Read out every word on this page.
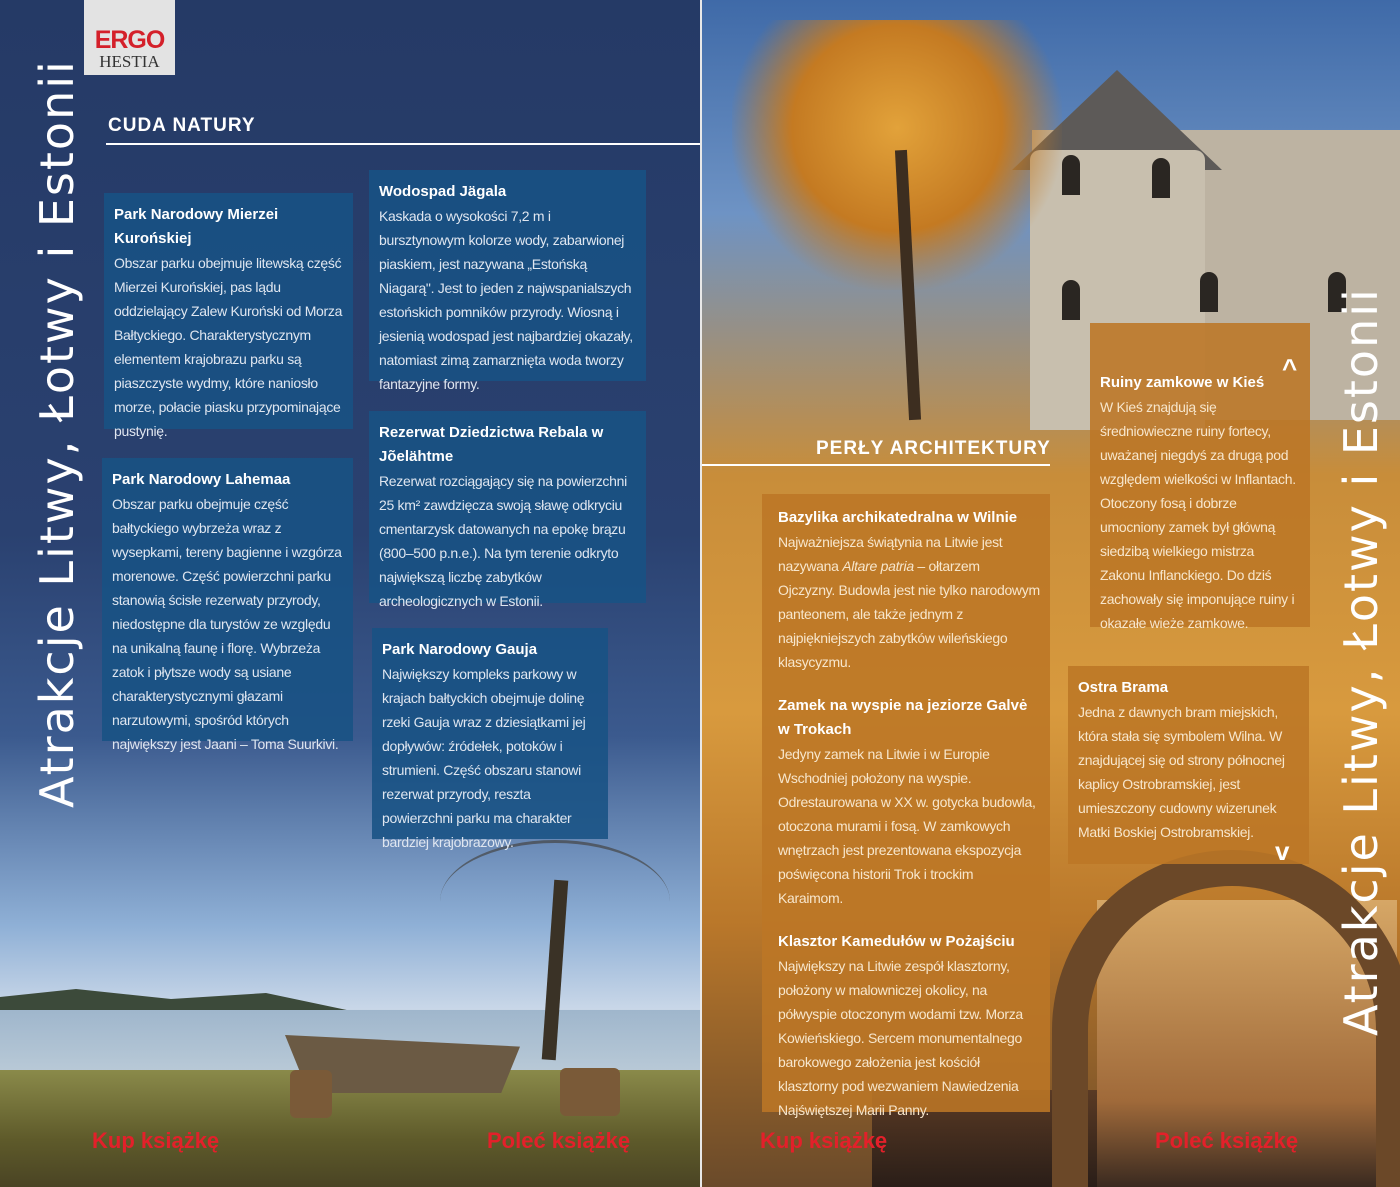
ERGO
HESTIA
CUDA NATURY
Atrakcje Litwy, Łotwy i Estonii Park Narodowy Mierzei Kurońskiej

Obszar parku obejmuje litewską część Mierzei Kurońskiej, pas lądu oddzielający Zalew Kuroński od Morza Bałtyckiego. Charakterystycznym elementem krajobrazu parku są piaszczyste wydmy, które naniosło morze, połacie piasku przypominające pustynię.

Park Narodowy Lahemaa

Obszar parku obejmuje część bałtyckiego wybrzeża wraz z wysepkami, tereny bagienne i wzgórza morenowe. Część powierzchni parku stanowią ścisłe rezerwaty przyrody, niedostępne dla turystów ze względu na unikalną faunę i florę. Wybrzeża zatok i płytsze wody są usiane charakterystycznymi głazami narzutowymi, spośród których największy jest Jaani – Toma Suurkivi.

Wodospad Jägala

Kaskada o wysokości 7,2 m i bursztynowym kolorze wody, zabarwionej piaskiem, jest nazywana „Estońską Niagarą". Jest to jeden z najwspanialszych estońskich pomników przyrody. Wiosną i jesienią wodospad jest najbardziej okazały, natomiast zimą zamarznięta woda tworzy fantazyjne formy.

Rezerwat Dziedzictwa Rebala w Jõelähtme

Rezerwat rozciągający się na powierzchni 25 km² zawdzięcza swoją sławę odkryciu cmentarzysk datowanych na epokę brązu (800–500 p.n.e.). Na tym terenie odkryto największą liczbę zabytków archeologicznych w Estonii.

Park Narodowy Gauja

Największy kompleks parkowy w krajach bałtyckich obejmuje dolinę rzeki Gauja wraz z dziesiątkami jej dopływów: źródełek, potoków i strumieni. Część obszaru stanowi rezerwat przyrody, reszta powierzchni parku ma charakter bardziej krajobrazowy.

Kup książkę	Poleć książkę
PERŁY ARCHITEKTURY
Ruiny zamkowe w Kieś

W Kieś znajdują się średniowieczne ruiny fortecy, uważanej niegdyś za drugą pod względem wielkości w Inflantach. Otoczony fosą i dobrze umocniony zamek był główną siedzibą wielkiego mistrza Zakonu Inflanckiego. Do dziś zachowały się imponujące ruiny i okazałe wieże zamkowe.

^
Ostra Brama

Jedna z dawnych bram miejskich, która stała się symbolem Wilna. W znajdującej się od strony północnej kaplicy Ostrobramskiej, jest umieszczony cudowny wizerunek Matki Boskiej Ostrobramskiej.

v
Bazylika archikatedralna w Wilnie

Najważniejsza świątynia na Litwie jest nazywana Altare patria – ołtarzem Ojczyzny. Budowla jest nie tylko narodowym panteonem, ale także jednym z najpiękniejszych zabytków wileńskiego klasycyzmu.

Zamek na wyspie na jeziorze Galvė w Trokach

Jedyny zamek na Litwie i w Europie Wschodniej położony na wyspie. Odrestaurowana w XX w. gotycka budowla, otoczona murami i fosą. W zamkowych wnętrzach jest prezentowana ekspozycja poświęcona historii Trok i trockim Karaimom.

Klasztor Kamedułów w Pożajściu

Największy na Litwie zespół klasztorny, położony w malowniczej okolicy, na półwyspie otoczonym wodami tzw. Morza Kowieńskiego. Sercem monumentalnego barokowego założenia jest kościół klasztorny pod wezwaniem Nawiedzenia Najświętszej Marii Panny.

Atrakcje Litwy, Łotwy i Estonii
Kup książkę	Poleć książkę
